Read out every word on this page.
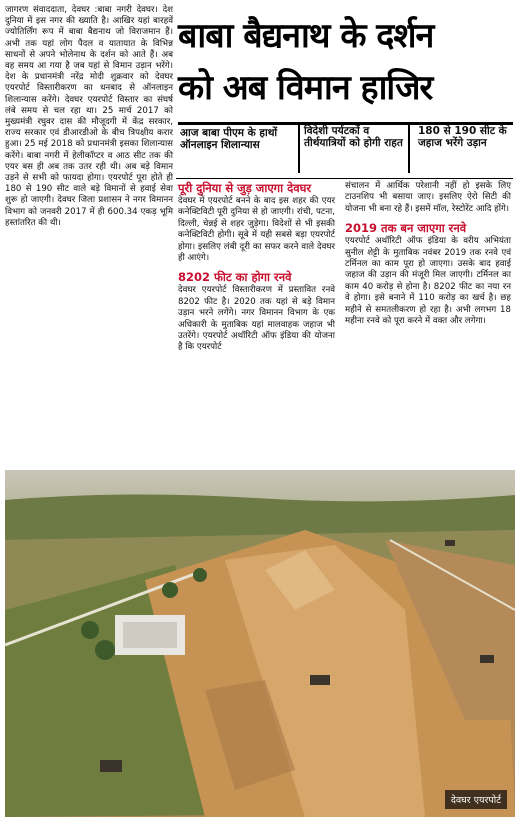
जागरण संवाददाता, देवघर :बाबा नगरी देवघर। देश दुनिया में इस नगर की ख्याति है। आखिर यहां बारहवें ज्योतिर्लिंग रूप में बाबा बैद्यनाथ जो विराजमान हैं। अभी तक यहां लोग पैदल व यातायात के विभिन्न साधनों से अपने भोलेनाथ के दर्शन को आते हैं। अब वह समय आ गया है जब यहां से विमान उड़ान भरेंगे। देश के प्रधानमंत्री नरेंद्र मोदी शुक्रवार को देवघर एयरपोर्ट विस्तारीकरण का धनबाद से ऑनलाइन शिलान्यास करेंगे। देवघर एयरपोर्ट विस्तार का संघर्ष लंबे समय से चल रहा था। 25 मार्च 2017 को मुख्यमंत्री रघुवर दास की मौजूदगी में केंद्र सरकार, राज्य सरकार एवं डीआरडीओ के बीच त्रिपक्षीय करार हुआ। 25 मई 2018 को प्रधानमंत्री इसका शिलान्यास करेंगे। बाबा नगरी में हेलीकॉप्टर व आठ सीट तक की एयर बस ही अब तक उतर रही थी। अब बड़े विमान उड़ने से सभी को फायदा होगा। एयरपोर्ट पूरा होते ही 180 से 190 सीट वाले बड़े विमानों से हवाई सेवा शुरू हो जाएगी। देवघर जिला प्रशासन ने नगर विमानन विभाग को जनवरी 2017 में ही 600.34 एकड़ भूमि हस्तांतरित की थी।

बाबा बैद्यनाथ के दर्शन
को अब विमान हाजिर
आज बाबा पीएम के हाथों ऑनलाइन शिलान्यास
विदेशी पर्यटकों व तीर्थयात्रियों को होगी राहत
180 से 190 सीट के जहाज भरेंगे उड़ान
पूरी दुनिया से जुड़ जाएगा देवघर

देवघर में एयरपोर्ट बनने के बाद इस शहर की एयर कनेक्टिविटी पूरी दुनिया से हो जाएगी। रांची, पटना, दिल्ली, चेन्नई से शहर जुड़ेगा। विदेशों से भी इसकी कनेक्टिविटी होगी। सूबे में यही सबसे बड़ा एयरपोर्ट होगा। इसलिए लंबी दूरी का सफर करने वाले देवघर ही आएंगे।

8202 फीट का होगा रनवे

देवघर एयरपोर्ट विस्तारीकरण में प्रस्तावित रनवे 8202 फीट है। 2020 तक यहां से बड़े विमान उड़ान भरने लगेंगे। नगर विमानन विभाग के एक अधिकारी के मुताबिक यहां मालवाहक जहाज भी उतरेंगे। एयरपोर्ट अथॉरिटी ऑफ इंडिया की योजना है कि एयरपोर्ट

संचालन में आर्थिक परेशानी नहीं हो इसके लिए टाउनशिप भी बसाया जाए। इसलिए ऐरो सिटी की योजना भी बना रहे हैं। इसमें मॉल, रेस्टोरेंट आदि होंगे।

2019 तक बन जाएगा रनवे

एयरपोर्ट अथॉरिटी ऑफ इंडिया के वरीय अभियंता सुनील शेट्टी के मुताबिक नवंबर 2019 तक रनवे एवं टर्मिनल का काम पूरा हो जाएगा। उसके बाद हवाई जहाज की उड़ान की मंजूरी मिल जाएगी। टर्मिनल का काम 40 करोड़ से होना है। 8202 फीट का नया रन वे होगा। इसे बनाने में 110 करोड़ का खर्च है। छह महीने से समतलीकरण हो रहा है। अभी लगभग 18 महीना रनवे को पूरा करने में वक्त और लगेगा।

देवघर एयरपोर्ट
